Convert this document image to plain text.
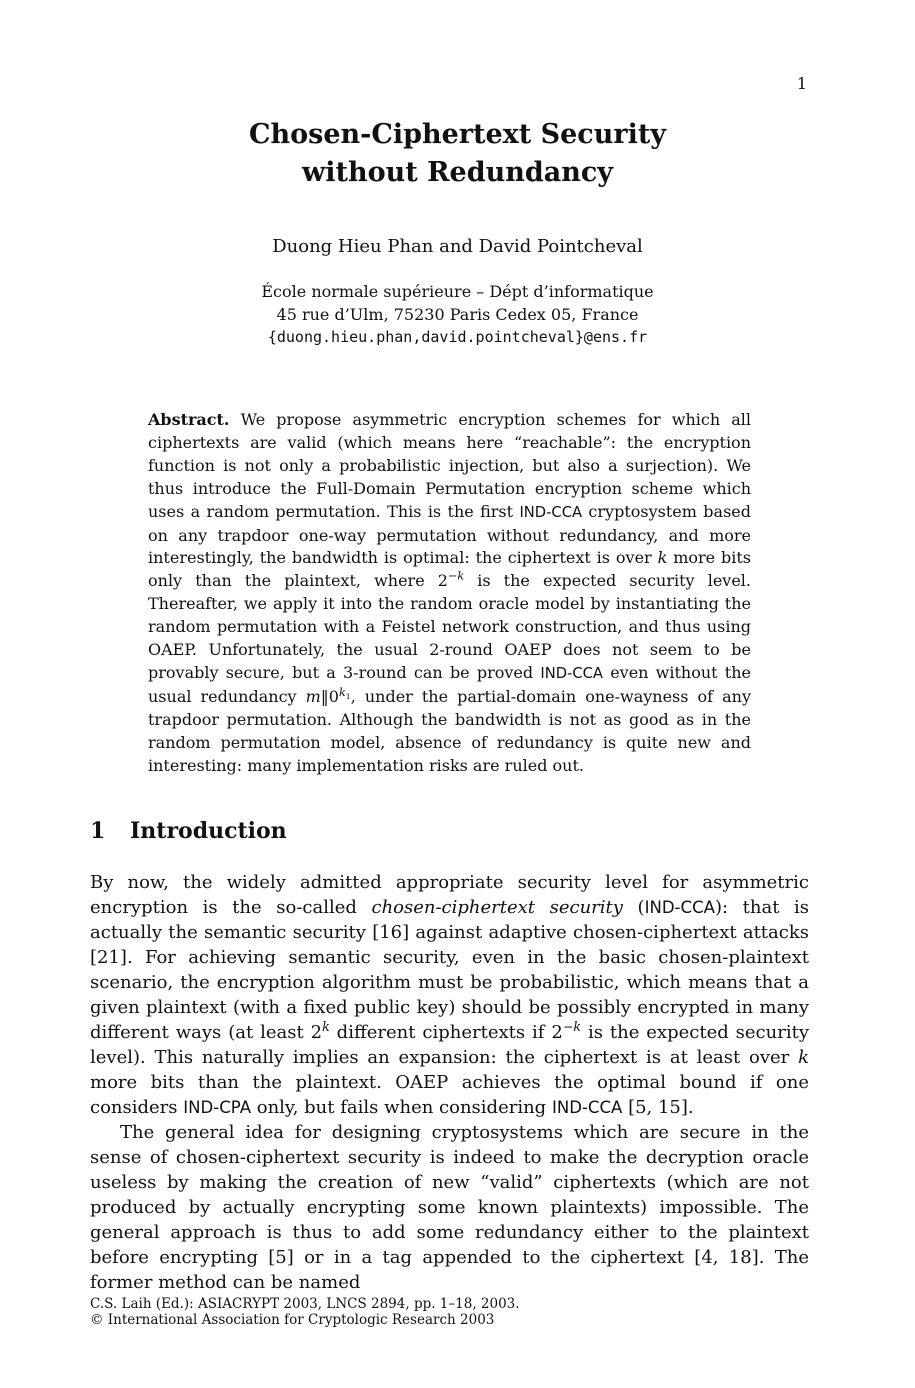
1
Chosen-Ciphertext Security
without Redundancy
Duong Hieu Phan and David Pointcheval
École normale supérieure – Dépt d’informatique
45 rue d’Ulm, 75230 Paris Cedex 05, France
{duong.hieu.phan,david.pointcheval}@ens.fr

Abstract. We propose asymmetric encryption schemes for which all ciphertexts are valid (which means here “reachable”: the encryption function is not only a probabilistic injection, but also a surjection). We thus introduce the Full-Domain Permutation encryption scheme which uses a random permutation. This is the first IND-CCA cryptosystem based on any trapdoor one-way permutation without redundancy, and more interestingly, the bandwidth is optimal: the ciphertext is over k more bits only than the plaintext, where $2^{-k}$ is the expected security level. Thereafter, we apply it into the random oracle model by instantiating the random permutation with a Feistel network construction, and thus using OAEP. Unfortunately, the usual 2-round OAEP does not seem to be provably secure, but a 3-round can be proved IND-CCA even without the usual redundancy $m‖0^{k_1}$, under the partial-domain one-wayness of any trapdoor permutation. Although the bandwidth is not as good as in the random permutation model, absence of redundancy is quite new and interesting: many implementation risks are ruled out.

1 Introduction

By now, the widely admitted appropriate security level for asymmetric encryption is the so-called chosen-ciphertext security (IND-CCA): that is actually the semantic security [16] against adaptive chosen-ciphertext attacks [21]. For achieving semantic security, even in the basic chosen-plaintext scenario, the encryption algorithm must be probabilistic, which means that a given plaintext (with a fixed public key) should be possibly encrypted in many different ways (at least 2$^k$ different ciphertexts if $2^{-k}$ is the expected security level). This naturally implies an expansion: the ciphertext is at least over k more bits than the plaintext. OAEP achieves the optimal bound if one considers IND-CPA only, but fails when considering IND-CCA [5, 15].

The general idea for designing cryptosystems which are secure in the sense of chosen-ciphertext security is indeed to make the decryption oracle useless by making the creation of new “valid” ciphertexts (which are not produced by actually encrypting some known plaintexts) impossible. The general approach is thus to add some redundancy either to the plaintext before encrypting [5] or in a tag appended to the ciphertext [4, 18]. The former method can be named

C.S. Laih (Ed.): ASIACRYPT 2003, LNCS 2894, pp. 1–18, 2003.
© International Association for Cryptologic Research 2003
